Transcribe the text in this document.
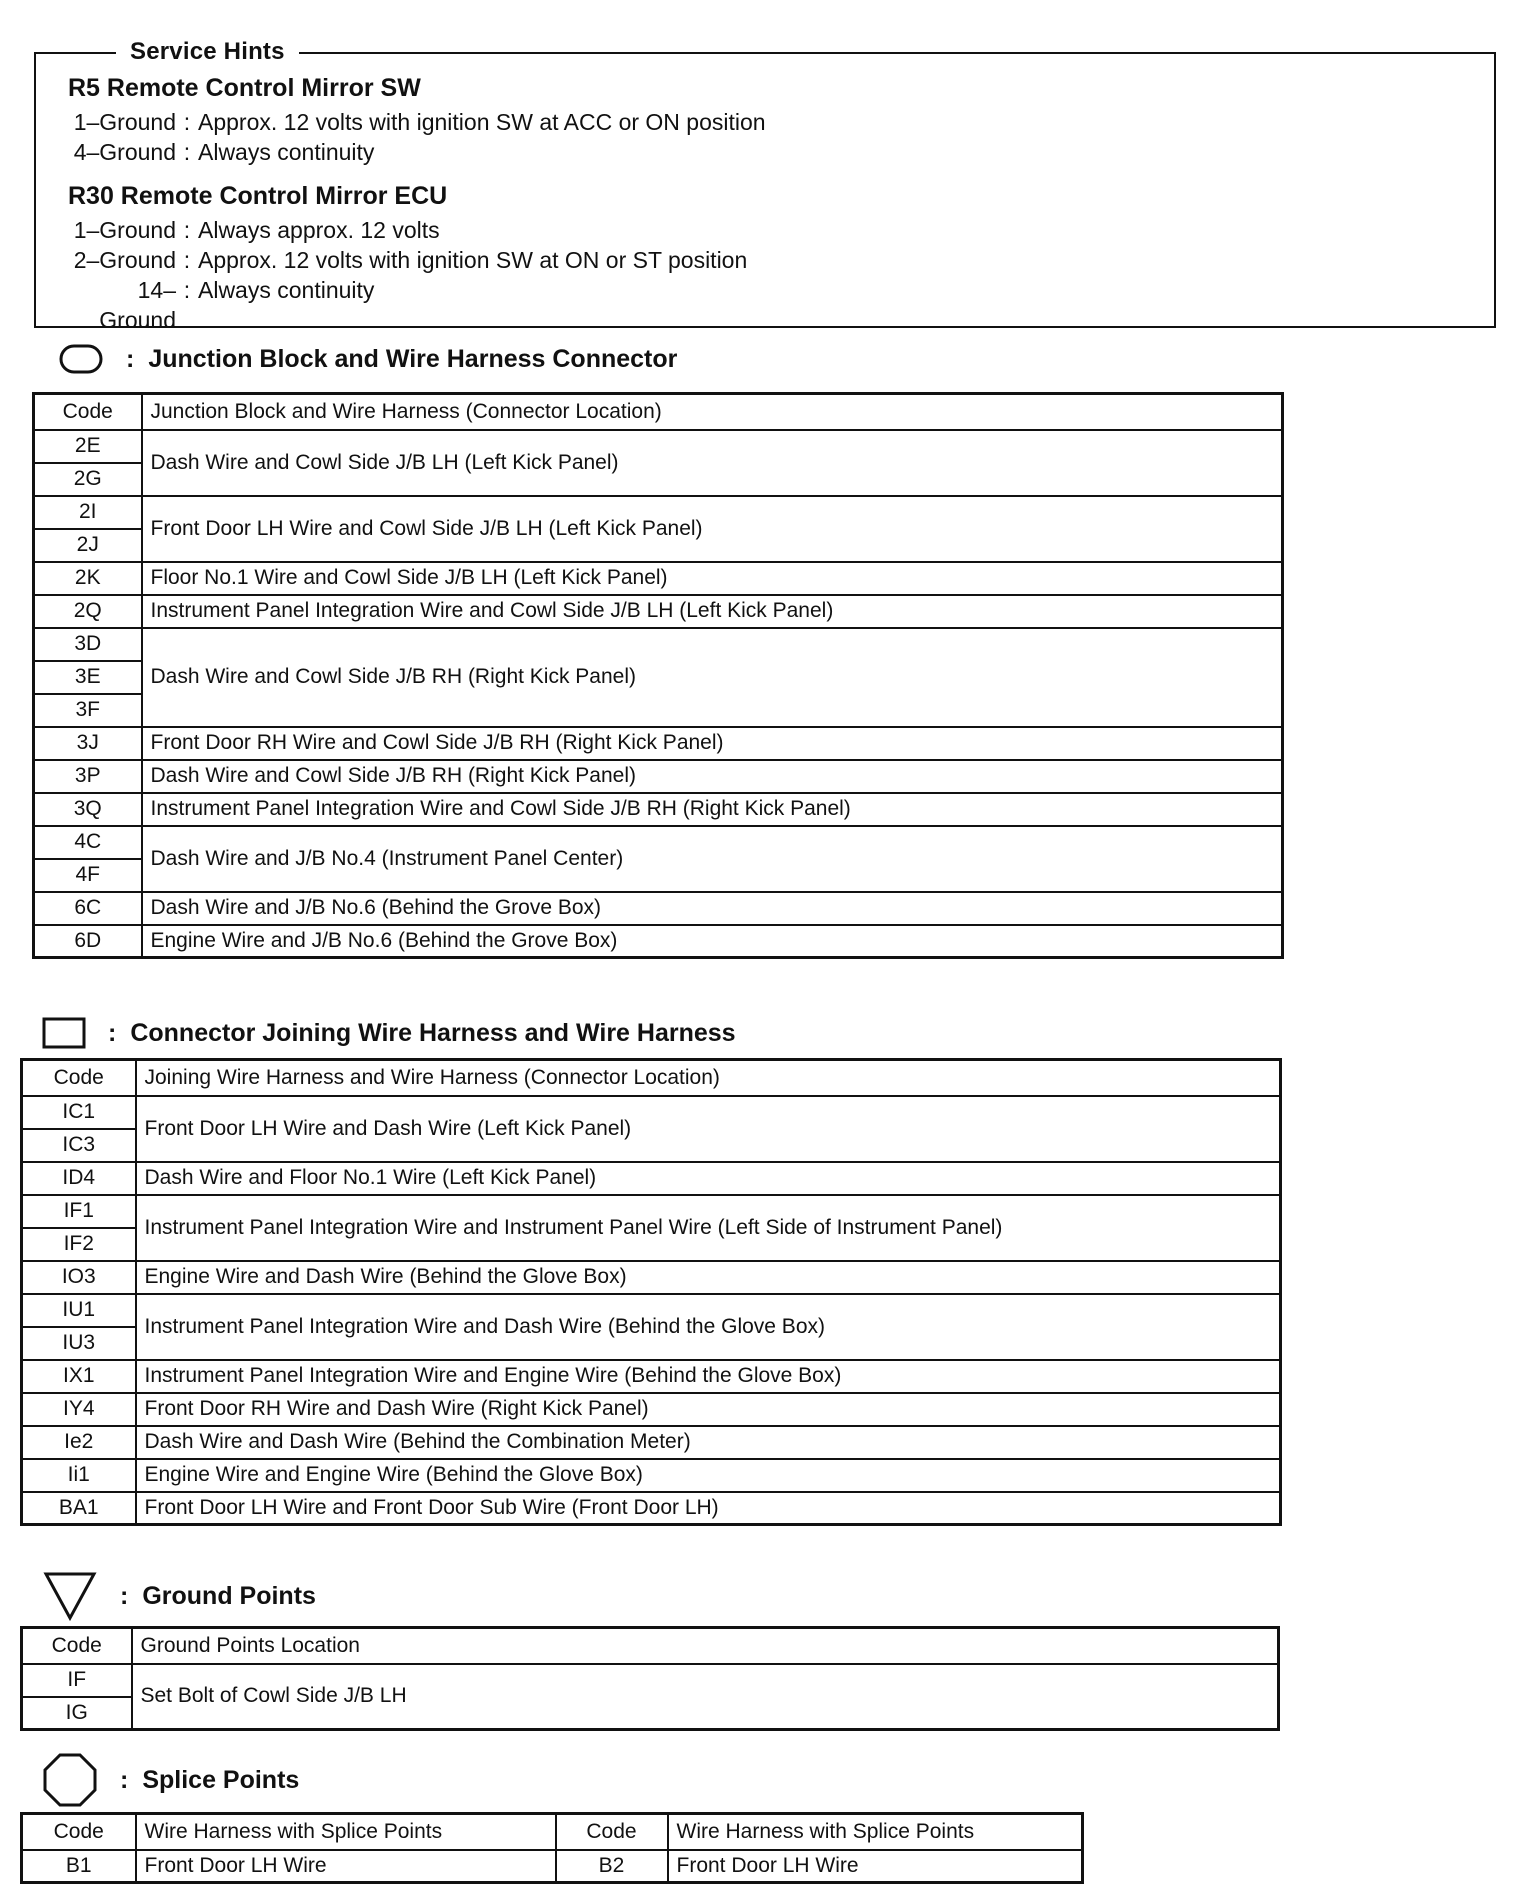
Service Hints
R5 Remote Control Mirror SW
1–Ground : Approx. 12 volts with ignition SW at ACC or ON position
4–Ground : Always continuity
R30 Remote Control Mirror ECU
1–Ground : Always approx. 12 volts
2–Ground : Approx. 12 volts with ignition SW at ON or ST position
14–Ground
: Always continuity
: Junction Block and Wire Harness Connector
Code	Junction Block and Wire Harness (Connector Location)
2E	Dash Wire and Cowl Side J/B LH (Left Kick Panel)
2G	
2I	Front Door LH Wire and Cowl Side J/B LH (Left Kick Panel)
2J	
2K	Floor No.1 Wire and Cowl Side J/B LH (Left Kick Panel)
2Q	Instrument Panel Integration Wire and Cowl Side J/B LH (Left Kick Panel)
3D	Dash Wire and Cowl Side J/B RH (Right Kick Panel)
3E	
3F	
3J	Front Door RH Wire and Cowl Side J/B RH (Right Kick Panel)
3P	Dash Wire and Cowl Side J/B RH (Right Kick Panel)
3Q	Instrument Panel Integration Wire and Cowl Side J/B RH (Right Kick Panel)
4C	Dash Wire and J/B No.4 (Instrument Panel Center)
4F	
6C	Dash Wire and J/B No.6 (Behind the Grove Box)
6D	Engine Wire and J/B No.6 (Behind the Grove Box)
: Connector Joining Wire Harness and Wire Harness
Code	Joining Wire Harness and Wire Harness (Connector Location)
IC1	Front Door LH Wire and Dash Wire (Left Kick Panel)
IC3	
ID4	Dash Wire and Floor No.1 Wire (Left Kick Panel)
IF1	Instrument Panel Integration Wire and Instrument Panel Wire (Left Side of Instrument Panel)
IF2	
IO3	Engine Wire and Dash Wire (Behind the Glove Box)
IU1	Instrument Panel Integration Wire and Dash Wire (Behind the Glove Box)
IU3	
IX1	Instrument Panel Integration Wire and Engine Wire (Behind the Glove Box)
IY4	Front Door RH Wire and Dash Wire (Right Kick Panel)
Ie2	Dash Wire and Dash Wire (Behind the Combination Meter)
Ii1	Engine Wire and Engine Wire (Behind the Glove Box)
BA1	Front Door LH Wire and Front Door Sub Wire (Front Door LH)
: Ground Points
Code	Ground Points Location
IF	Set Bolt of Cowl Side J/B LH
IG	
: Splice Points
Code	Wire Harness with Splice Points	Code	Wire Harness with Splice Points
B1	Front Door LH Wire	B2	Front Door LH Wire
